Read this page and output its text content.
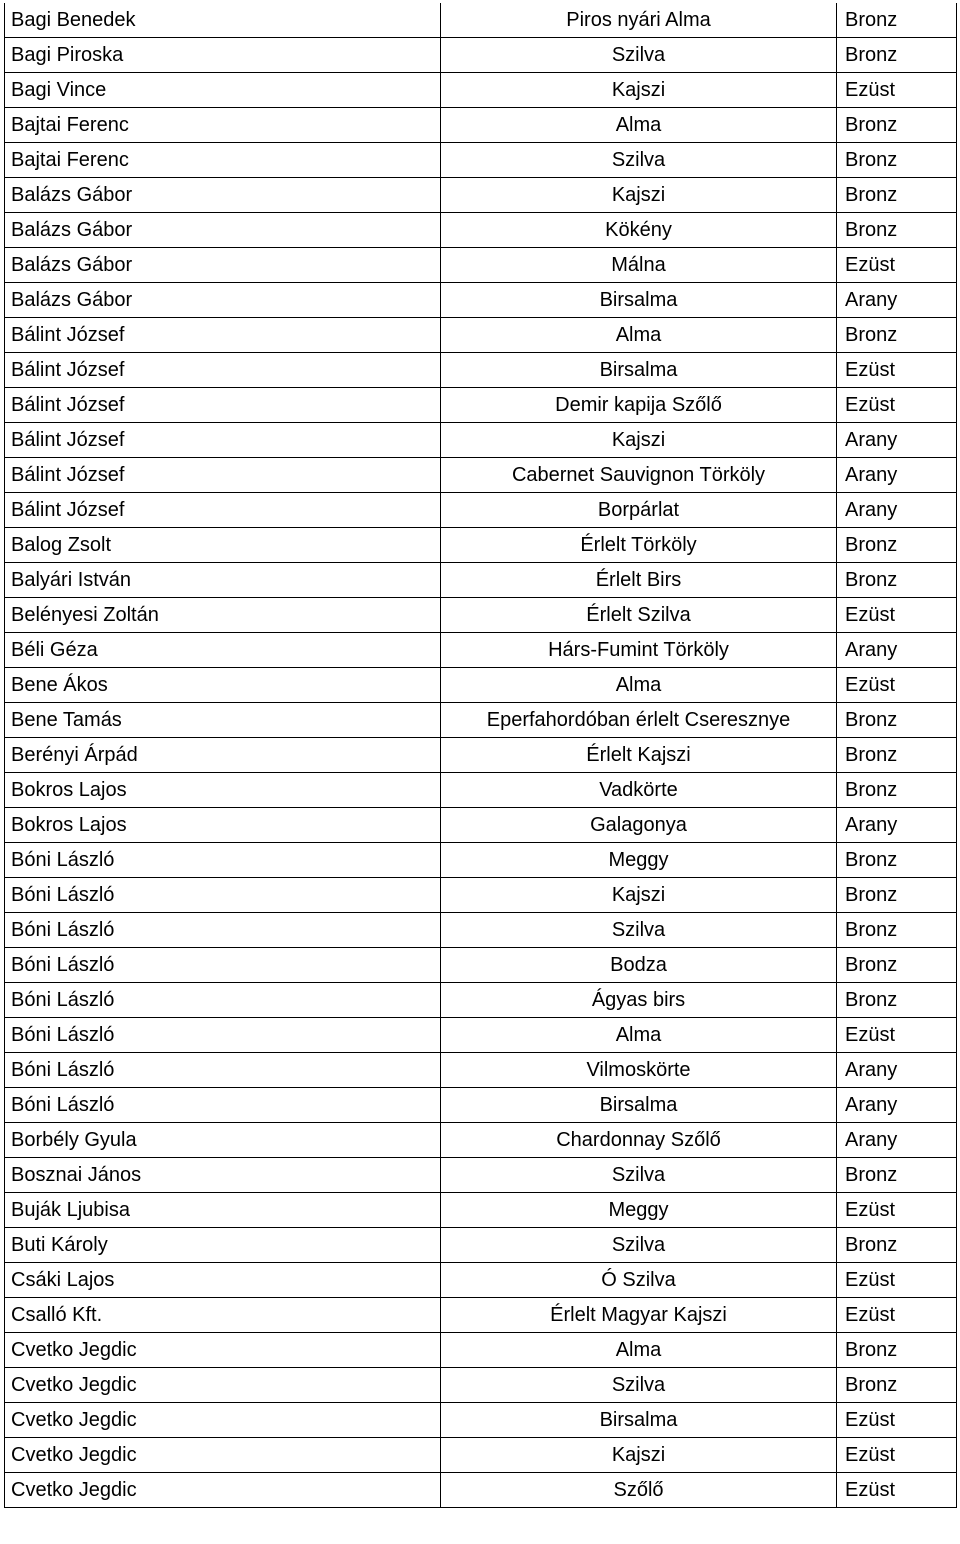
Bagi Benedek	Piros nyári Alma	Bronz
Bagi Piroska	Szilva	Bronz
Bagi Vince	Kajszi	Ezüst
Bajtai Ferenc	Alma	Bronz
Bajtai Ferenc	Szilva	Bronz
Balázs Gábor	Kajszi	Bronz
Balázs Gábor	Kökény	Bronz
Balázs Gábor	Málna	Ezüst
Balázs Gábor	Birsalma	Arany
Bálint József	Alma	Bronz
Bálint József	Birsalma	Ezüst
Bálint József	Demir kapija Szőlő	Ezüst
Bálint József	Kajszi	Arany
Bálint József	Cabernet Sauvignon Törköly	Arany
Bálint József	Borpárlat	Arany
Balog Zsolt	Érlelt Törköly	Bronz
Balyári István	Érlelt Birs	Bronz
Belényesi Zoltán	Érlelt Szilva	Ezüst
Béli Géza	Hárs-Fumint Törköly	Arany
Bene Ákos	Alma	Ezüst
Bene Tamás	Eperfahordóban érlelt Cseresznye	Bronz
Berényi Árpád	Érlelt Kajszi	Bronz
Bokros Lajos	Vadkörte	Bronz
Bokros Lajos	Galagonya	Arany
Bóni László	Meggy	Bronz
Bóni László	Kajszi	Bronz
Bóni László	Szilva	Bronz
Bóni László	Bodza	Bronz
Bóni László	Ágyas birs	Bronz
Bóni László	Alma	Ezüst
Bóni László	Vilmoskörte	Arany
Bóni László	Birsalma	Arany
Borbély Gyula	Chardonnay Szőlő	Arany
Bosznai János	Szilva	Bronz
Buják Ljubisa	Meggy	Ezüst
Buti Károly	Szilva	Bronz
Csáki Lajos	Ó Szilva	Ezüst
Csalló Kft.	Érlelt Magyar Kajszi	Ezüst
Cvetko Jegdic	Alma	Bronz
Cvetko Jegdic	Szilva	Bronz
Cvetko Jegdic	Birsalma	Ezüst
Cvetko Jegdic	Kajszi	Ezüst
Cvetko Jegdic	Szőlő	Ezüst
